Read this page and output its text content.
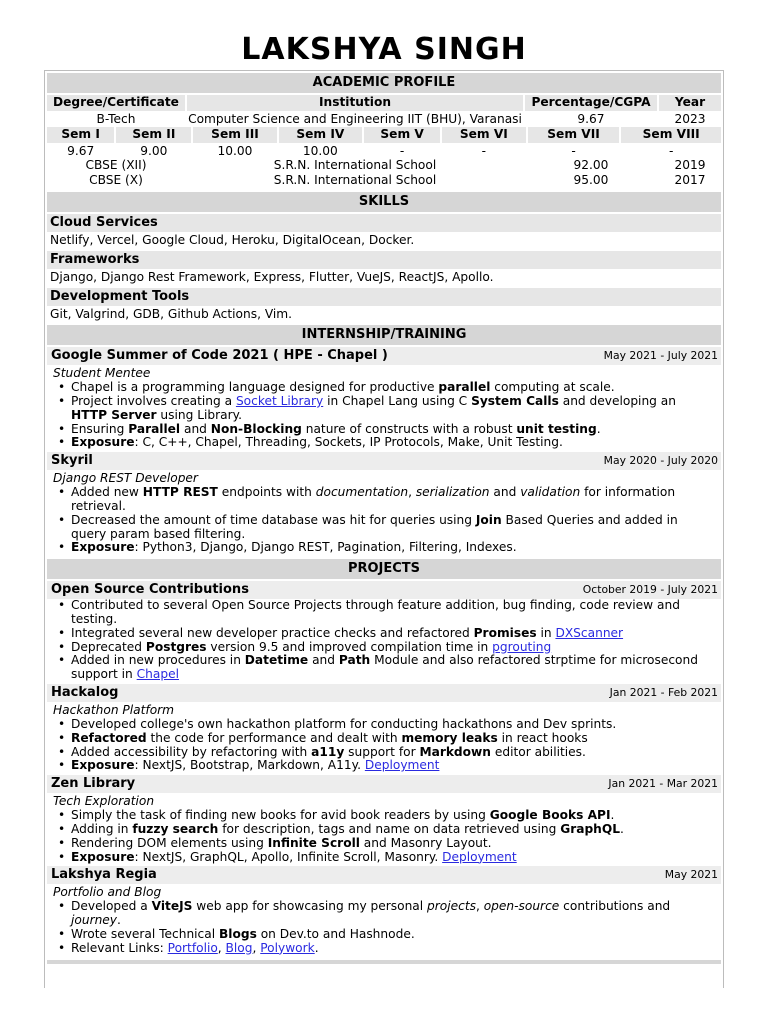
LAKSHYA SINGH
ACADEMIC PROFILE
Degree/Certificate	Institution	Percentage/CGPA	Year
B-Tech	Computer Science and Engineering IIT (BHU), Varanasi	9.67	2023
Sem I	Sem II	Sem III	Sem IV	Sem V	Sem VI	Sem VII	Sem VIII
9.67	9.00	10.00	10.00	-	-	-	-
CBSE (XII)	S.R.N. International School	92.00	2019
CBSE (X)	S.R.N. International School	95.00	2017
SKILLS
Cloud Services
Netlify, Vercel, Google Cloud, Heroku, DigitalOcean, Docker.
Frameworks
Django, Django Rest Framework, Express, Flutter, VueJS, ReactJS, Apollo.
Development Tools
Git, Valgrind, GDB, Github Actions, Vim.
INTERNSHIP/TRAINING
Google Summer of Code 2021 ( HPE - Chapel )	May 2021 - July 2021
Student Mentee
• Chapel is a programming language designed for productive parallel computing at scale.
• Project involves creating a Socket Library in Chapel Lang using C System Calls and developing an HTTP Server using Library.
• Ensuring Parallel and Non-Blocking nature of constructs with a robust unit testing.
• Exposure: C, C++, Chapel, Threading, Sockets, IP Protocols, Make, Unit Testing.
Skyril	May 2020 - July 2020
Django REST Developer
• Added new HTTP REST endpoints with documentation, serialization and validation for information retrieval.
• Decreased the amount of time database was hit for queries using Join Based Queries and added in query param based filtering.
• Exposure: Python3, Django, Django REST, Pagination, Filtering, Indexes.
PROJECTS
Open Source Contributions	October 2019 - July 2021
• Contributed to several Open Source Projects through feature addition, bug finding, code review and testing.
• Integrated several new developer practice checks and refactored Promises in DXScanner
• Deprecated Postgres version 9.5 and improved compilation time in pgrouting
• Added in new procedures in Datetime and Path Module and also refactored strptime for microsecond support in Chapel
Hackalog	Jan 2021 - Feb 2021
Hackathon Platform
• Developed college's own hackathon platform for conducting hackathons and Dev sprints.
• Refactored the code for performance and dealt with memory leaks in react hooks
• Added accessibility by refactoring with a11y support for Markdown editor abilities.
• Exposure: NextJS, Bootstrap, Markdown, A11y. Deployment
Zen Library	Jan 2021 - Mar 2021
Tech Exploration
• Simply the task of finding new books for avid book readers by using Google Books API.
• Adding in fuzzy search for description, tags and name on data retrieved using GraphQL.
• Rendering DOM elements using Infinite Scroll and Masonry Layout.
• Exposure: NextJS, GraphQL, Apollo, Infinite Scroll, Masonry. Deployment
Lakshya Regia	May 2021
Portfolio and Blog
• Developed a ViteJS web app for showcasing my personal projects, open-source contributions and journey.
• Wrote several Technical Blogs on Dev.to and Hashnode.
• Relevant Links: Portfolio, Blog, Polywork.
